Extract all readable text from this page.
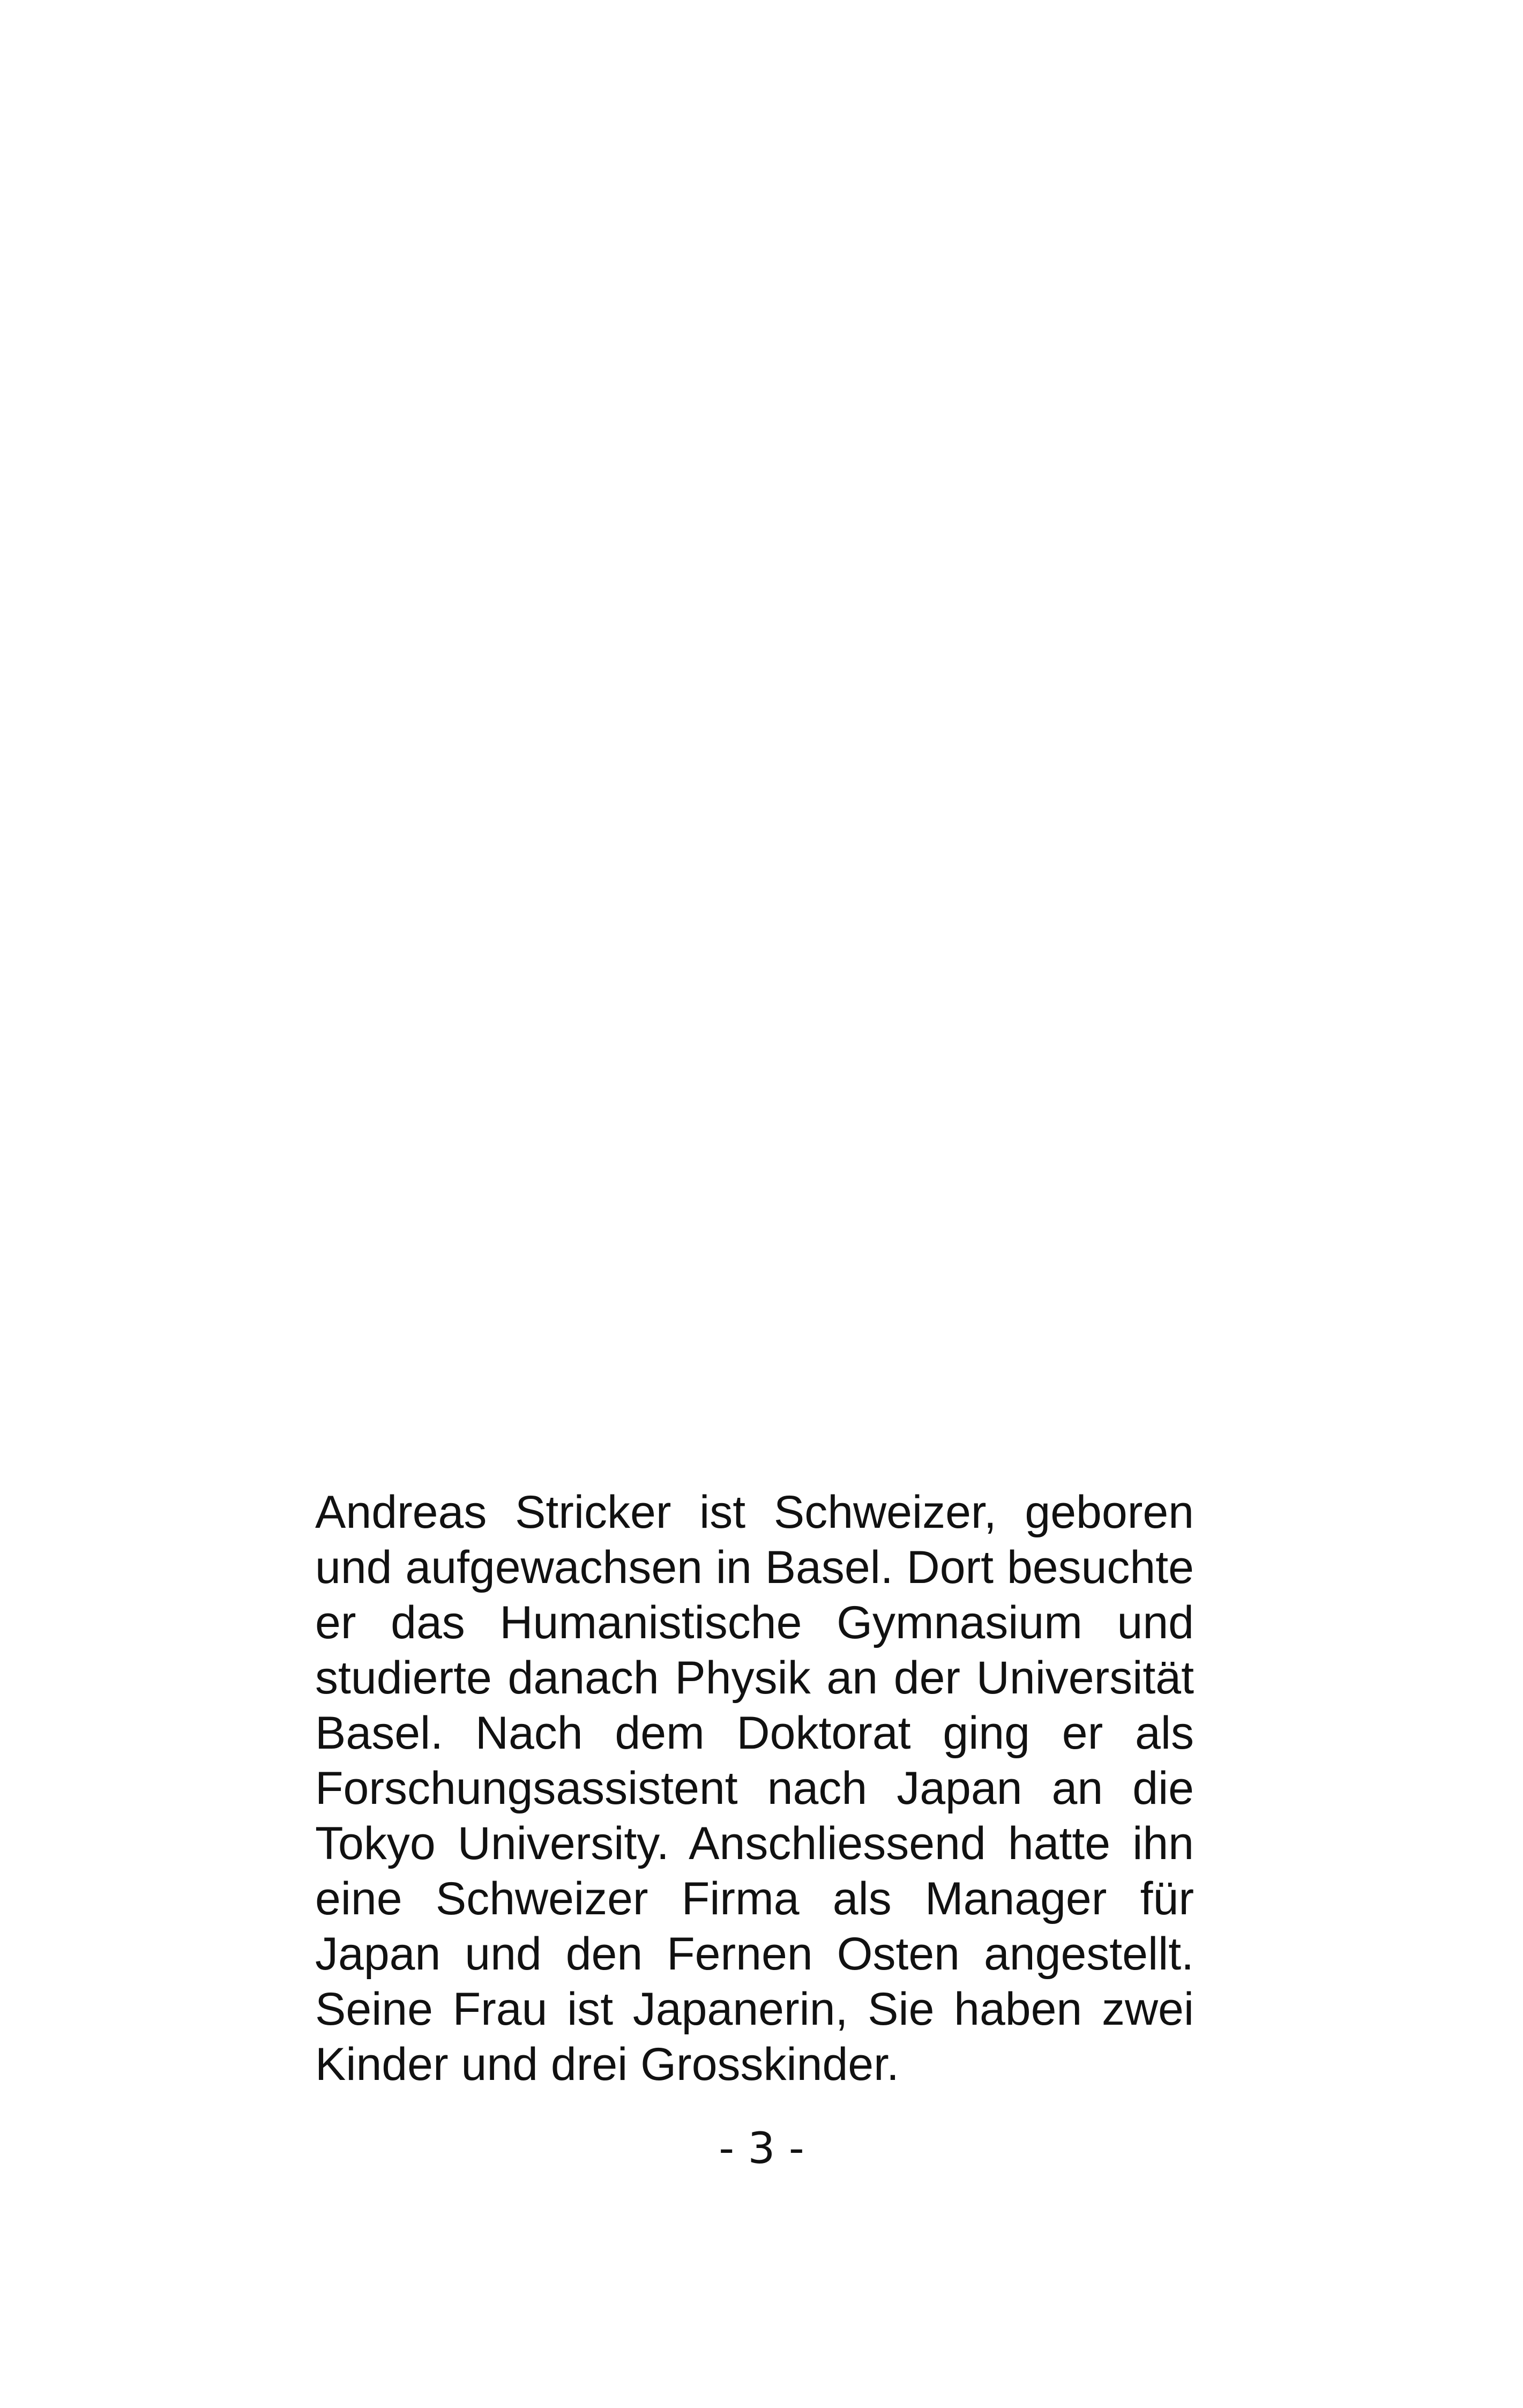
Andreas Stricker ist Schweizer, geboren und aufgewachsen in Basel. Dort besuchte er das Humanistische Gymnasium und studierte danach Physik an der Universität Basel. Nach dem Doktorat ging er als Forschungsassistent nach Japan an die Tokyo University. Anschliessend hatte ihn eine Schweizer Firma als Manager für Japan und den Fernen Osten angestellt. Seine Frau ist Japanerin, Sie haben zwei Kinder und drei Grosskinder.

- 3 -
